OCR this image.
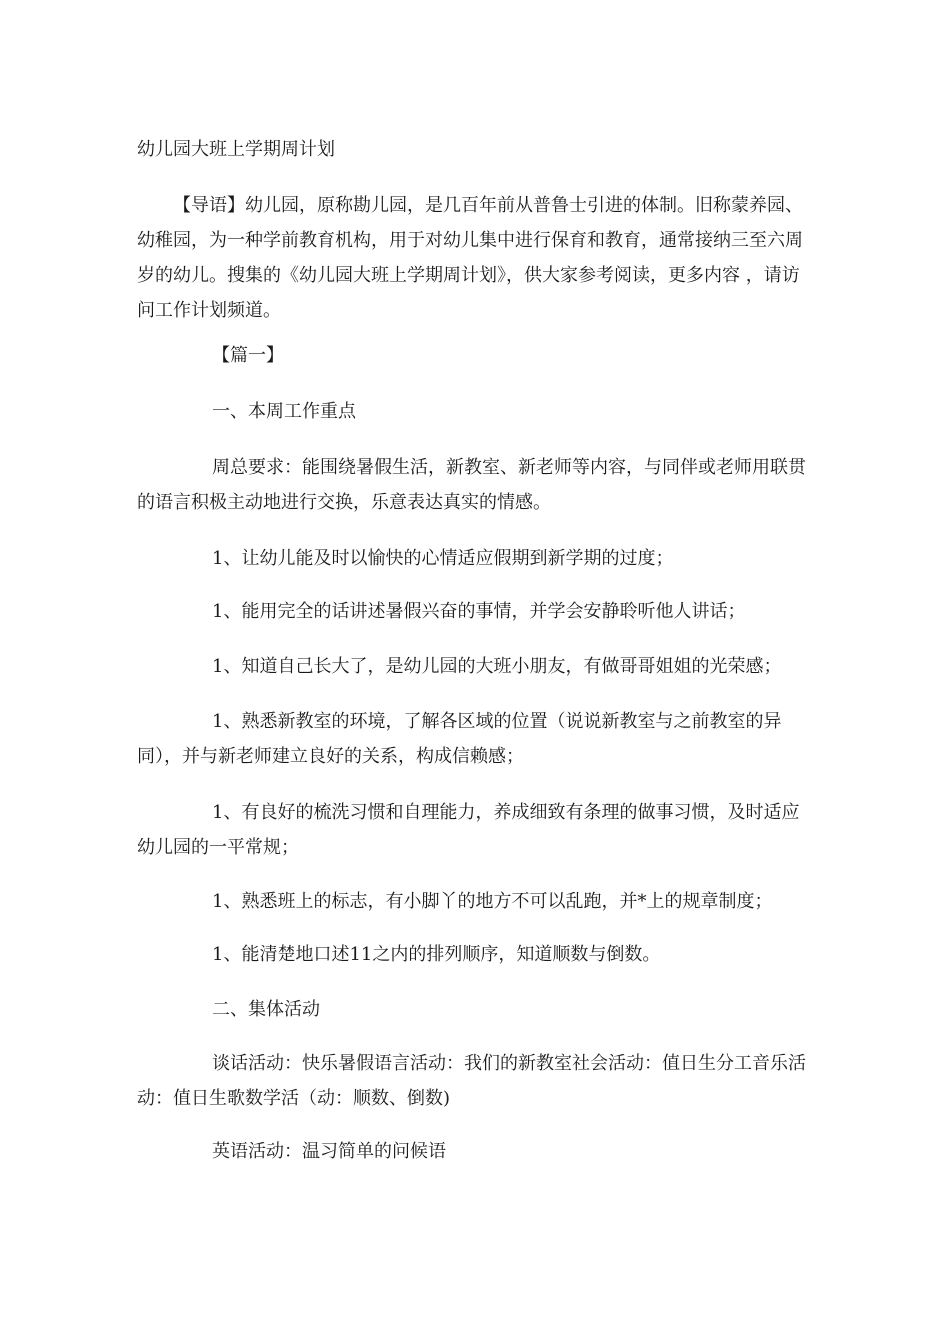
幼儿园大班上学期周计划

【导语】幼儿园，原称勘儿园，是几百年前从普鲁士引进的体制。旧称蒙养园、幼稚园，为一种学前教育机构，用于对幼儿集中进行保育和教育，通常接纳三至六周岁的幼儿。搜集的《幼儿园大班上学期周计划》，供大家参考阅读，更多内容 ，请访问工作计划频道。

【篇一】

一、本周工作重点

周总要求：能围绕暑假生活，新教室、新老师等内容，与同伴或老师用联贯的语言积极主动地进行交换，乐意表达真实的情感。

1、让幼儿能及时以愉快的心情适应假期到新学期的过度；

1、能用完全的话讲述暑假兴奋的事情，并学会安静聆听他人讲话；

1、知道自己长大了，是幼儿园的大班小朋友，有做哥哥姐姐的光荣感；

1、熟悉新教室的环境，了解各区域的位置（说说新教室与之前教室的异同），并与新老师建立良好的关系，构成信赖感；

1、有良好的梳洗习惯和自理能力，养成细致有条理的做事习惯，及时适应幼儿园的一平常规；

1、熟悉班上的标志，有小脚丫的地方不可以乱跑，并*上的规章制度；

1、能清楚地口述11之内的排列顺序，知道顺数与倒数。

二、集体活动

谈话活动：快乐暑假语言活动：我们的新教室社会活动：值日生分工音乐活动：值日生歌数学活（动：顺数、倒数)

英语活动：温习简单的问候语
